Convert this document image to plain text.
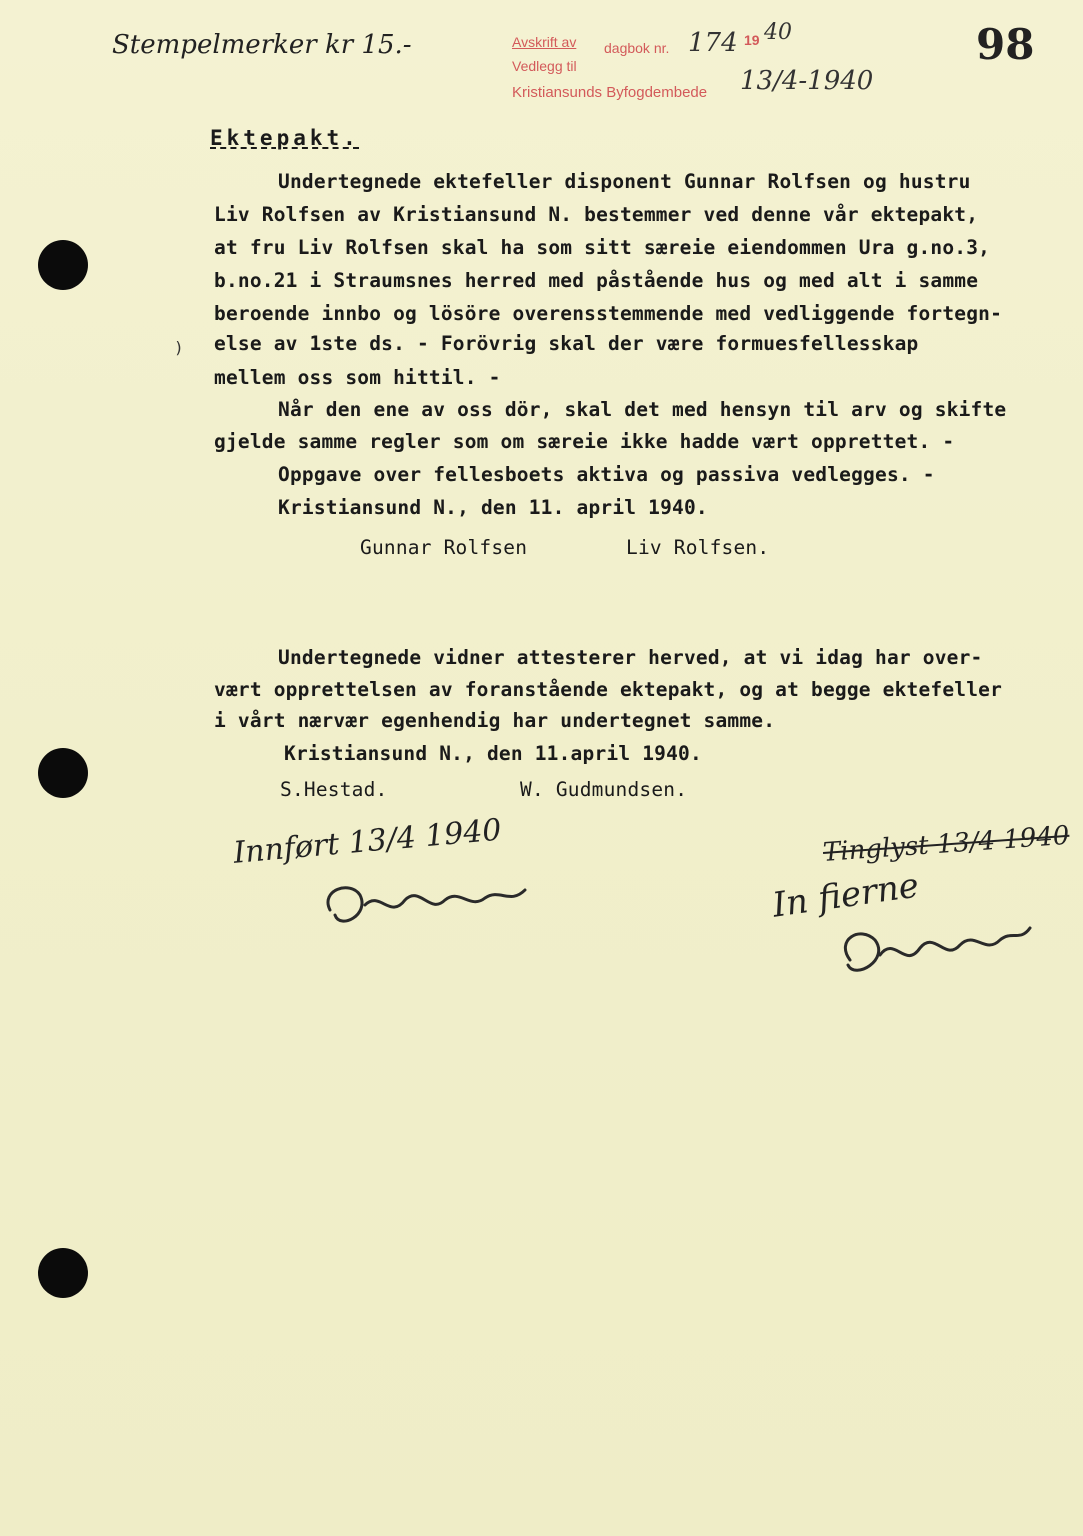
Stempelmerker kr 15.-	Avskrift av dagbok nr. 174 19 40
Vedlegg til
Kristiansunds Byfogdembede 13/4-1940
98
Ektepakt.
Undertegnede ektefeller disponent Gunnar Rolfsen og hustru
Liv Rolfsen av Kristiansund N. bestemmer ved denne vår ektepakt,
at fru Liv Rolfsen skal ha som sitt særeie eiendommen Ura g.no.3,
b.no.21 i Straumsnes herred med påstående hus og med alt i samme
beroende innbo og lösöre overensstemmende med vedliggende fortegn-
else av 1ste ds. - Forövrig skal der være formuesfellesskap
mellem oss som hittil. -
Når den ene av oss dör, skal det med hensyn til arv og skifte
gjelde samme regler som om særeie ikke hadde vært opprettet. -
Oppgave over fellesboets aktiva og passiva vedlegges. -
Kristiansund N., den 11. april 1940.
Gunnar Rolfsen	Liv Rolfsen.
)
Undertegnede vidner attesterer herved, at vi idag har over-
vært opprettelsen av foranstående ektepakt, og at begge ektefeller
i vårt nærvær egenhendig har undertegnet samme.
Kristiansund N., den 11.april 1940.
S.Hestad.	W. Gudmundsen.
Innført 13/4 1940	Tinglyst 13/4 1940
In fierne
